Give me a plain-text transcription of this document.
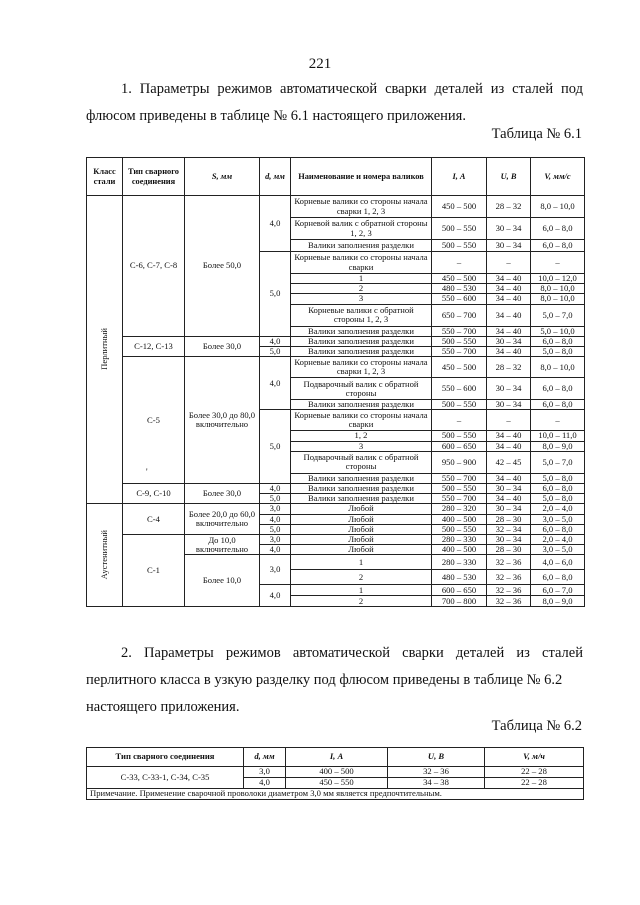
221
1. Параметры режимов автоматической сварки деталей из сталей под
флюсом приведены в таблице № 6.1 настоящего приложения.
Таблица № 6.1
Класс стали	Тип сварного соединения	S, мм	d, мм	Наименование и номера валиков	I, А	U, В	V, мм/с
Перлитный	С-6, С-7, С-8	Более 50,0	4,0	Корневые валики со стороны начала сварки 1, 2, 3	450 – 500	28 – 32	8,0 – 10,0
				Корневой валик с обратной стороны 1, 2, 3	500 – 550	30 – 34	6,0 – 8,0
				Валики заполнения разделки	500 – 550	30 – 34	6,0 – 8,0
			5,0	Корневые валики со стороны начала сварки	–	–	–
				1	450 – 500	34 – 40	10,0 – 12,0
				2	480 – 530	34 – 40	8,0 – 10,0
				3	550 – 600	34 – 40	8,0 – 10,0
				Корневые валики с обратной стороны 1, 2, 3	650 – 700	34 – 40	5,0 – 7,0
				Валики заполнения разделки	550 – 700	34 – 40	5,0 – 10,0
	С-12, С-13	Более 30,0	4,0	Валики заполнения разделки	500 – 550	30 – 34	6,0 – 8,0
			5,0	Валики заполнения разделки	550 – 700	34 – 40	5,0 – 8,0
	С-5	Более 30,0 до 80,0 включительно	4,0	Корневые валики со стороны начала сварки 1, 2, 3	450 – 500	28 – 32	8,0 – 10,0
				Подварочный валик с обратной стороны	550 – 600	30 – 34	6,0 – 8,0
				Валики заполнения разделки	500 – 550	30 – 34	6,0 – 8,0
			5,0	Корневые валики со стороны начала сварки	–	–	–
				1, 2	500 – 550	34 – 40	10,0 – 11,0
				3	600 – 650	34 – 40	8,0 – 9,0
				Подварочный валик с обратной стороны	950 – 900	42 – 45	5,0 – 7,0
				Валики заполнения разделки	550 – 700	34 – 40	5,0 – 8,0
	С-9, С-10	Более 30,0	4,0	Валики заполнения разделки	500 – 550	30 – 34	6,0 – 8,0
			5,0	Валики заполнения разделки	550 – 700	34 – 40	5,0 – 8,0
Аустенитный	С-4	Более 20,0 до 60,0 включительно	3,0	Любой	280 – 320	30 – 34	2,0 – 4,0
			4,0	Любой	400 – 500	28 – 30	3,0 – 5,0
			5,0	Любой	500 – 550	32 – 34	6,0 – 8,0
	С-1	До 10,0 включительно	3,0	Любой	280 – 330	30 – 34	2,0 – 4,0
			4,0	Любой	400 – 500	28 – 30	3,0 – 5,0
		Более 10,0	3,0	1	280 – 330	32 – 36	4,0 – 6,0
				2	480 – 530	32 – 36	6,0 – 8,0
			4,0	1	600 – 650	32 – 36	6,0 – 7,0
				2	700 – 800	32 – 36	8,0 – 9,0
'
2. Параметры режимов автоматической сварки деталей из сталей
перлитного класса в узкую разделку под флюсом приведены в таблице № 6.2 настоящего приложения.
Таблица № 6.2
Тип сварного соединения	d, мм	I, А	U, В	V, м/ч
С-33, С-33-1, С-34, С-35	3,0	400 – 500	32 – 36	22 – 28
	4,0	450 – 550	34 – 38	22 – 28
Примечание. Применение сварочной проволоки диаметром 3,0 мм является предпочтительным.				
